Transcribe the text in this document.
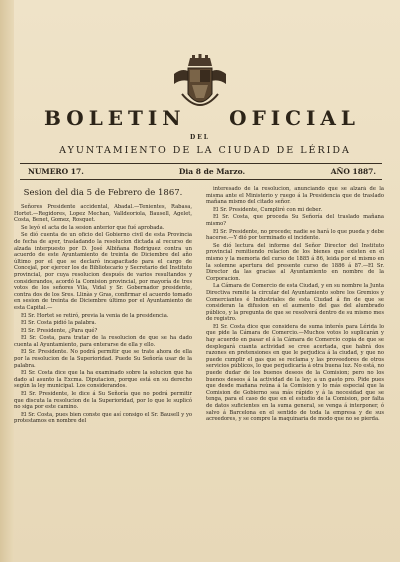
BOLETIN OFICIAL
DEL
AYUNTAMIENTO DE LA CIUDAD DE LÉRIDA
NUMERO 17.	Dia 8 de Marzo.	AÑO 1887.
Sesion del dia 5 de Febrero de 1867.

Señores Presidente accidental, Abadal.—Tenientes, Rabasa, Hortet.—Regidores, Lopez Mechan, Valldeoriola, Bausell, Agelet, Costa, Benet, Gomez, Rosquet.

Se leyó el acta de la sesion anterior que fué aprobada.

Se dió cuenta de un oficio del Gobierno civil de esta Provincia de fecha de ayer, trasladando la resolucion dictada al recurso de alzada interpuesto por D. José Albiñana Rodriguez contra un acuerdo de este Ayuntamiento de treinta de Diciembre del año último por el que se declaró incapacitado para el cargo de Concejal, por ejercer los de Bibliotecario y Secretario del Instituto provincial, por cuya resolucion después de varios resultandos y considerandos, acordó la Comision provincial, por mayoría de tres votos de los señores Vila, Vidal y Sr. Gobernador presidente, contra dos de los Sres. Llinàs y Gras, confirmar el acuerdo tomado en sesion de treinta de Diciembre último por el Ayuntamiento de esta Capital.—

El Sr. Hortet se retiró, previa la venia de la presidencia.

El Sr. Costa pidió la palabra.

El Sr. Presidente, ¿Para qué?

El Sr. Costa, para tratar de la resolucion de que se ha dado cuenta al Ayuntamiento, para enterarse de ella y ello.

El Sr. Presidente. No podrá permitir que se trate ahora de ella por la resolucion de la Superioridad. Puede Su Señoría usar de la palabra.

El Sr. Costa dice que la ha examinado sobre la solucion que ha dado al asunto la Excma. Diputacion, porque está en su derecho según la ley municipal. Los considerandos.

El Sr. Presidente, le dice á Su Señoría que no podrá permitir que discuta la resolucion de la Superioridad, por lo que le suplicó no siga por este camino.

El Sr. Costa, pues bien conste que así consigo el Sr. Bausell y yo protestamos en nombre del

interesado de la resolucion, anunciando que se alzará de la misma ante el Ministerio y ruego á la Presidencia que de traslado mañana mismo del citado señor.

El Sr. Presidente, Cumpliré con mi deber.

El Sr. Costa, que proceda Su Señoría del traslado mañana mismo?

El Sr. Presidente, no procede; nadie se hará lo que pueda y debe hacerse.—Y dió por terminado el incidente.

Se dió lectura del informe del Señor Director del Instituto provincial remitiendo relacion de los bienes que existen en el mismo y la memoria del curso de 1885 á 86, leida por el mismo en la solemne apertura del presente curso de 1886 á 87.—El Sr. Director da las gracias al Ayuntamiento en nombre de la Corporacion.

La Cámara de Comercio de esta Ciudad, y en su nombre la Junta Directiva remite la circular del Ayuntamiento sobre los Gremios y Comerciantes é Industriales de esta Ciudad á fin de que se consideran la difusion en el aumento del gas del alumbrado público, y la pregunta de que se resolverá dentro de su mismo mes de registro.

El Sr. Costa dice que considera de suma interés para Lérida lo que pide la Cámara de Comercio.—Muchos votos lo suplicarán y hay acuerdo en pasar el á la Cámara de Comercio copia de que se desplegará cuanta actividad se cree acertada, que habrá dos razones en pretensiones en que le perjudica á la ciudad, y que no puede cumplir el gas que se reclama y las proveedores de otros servicios públicos, lo que perjudicaría á otra buena luz. No está, no puede dudar de los buenos deseos de la Comision; pero no los buenos deseos á la actividad de la ley; a un gasto pro. Pide pues que desde mañana reúna á la Comision y lo más especial que la Comision de Gobierno sea más rápido y á la necesidad que se tenga, para el caso de que en el estudio de la Comision, por falta de datos suficientes en la suma general, se venga á interponer, ó salvo á Barcelona en el sentido de toda la empresa y de sus acreedores, y se compre la maquinaria de modo que no se pierda.
